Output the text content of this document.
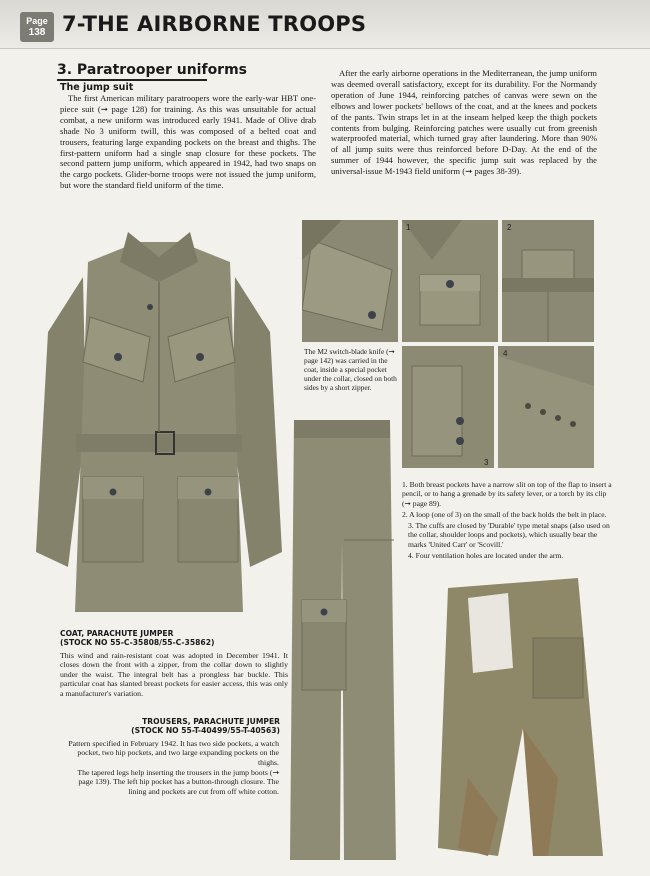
Page
138 7-THE AIRBORNE TROOPS
3. Paratrooper uniforms
The jump suit

The first American military paratroopers wore the early-war HBT one-piece suit (➞ page 128) for training. As this was unsuitable for actual combat, a new uniform was introduced early 1941. Made of Olive drab shade No 3 uniform twill, this was composed of a belted coat and trousers, featuring large expanding pockets on the breast and thighs. The first-pattern uniform had a single snap closure for these pockets. The second pattern jump uniform, which appeared in 1942, had two snaps on the cargo pockets. Glider-borne troops were not issued the jump uniform, but wore the standard field uniform of the time.

After the early airborne operations in the Mediterranean, the jump uniform was deemed overall satisfactory, except for its durability. For the Normandy operation of June 1944, reinforcing patches of canvas were sewn on the elbows and lower pockets' bellows of the coat, and at the knees and pockets of the pants. Twin straps let in at the inseam helped keep the thigh pockets contents from bulging. Reinforcing patches were usually cut from greenish waterproofed material, which turned gray after laundering. More than 90% of all jump suits were thus reinforced before D-Day. At the end of the summer of 1944 however, the specific jump suit was replaced by the universal-issue M-1943 field uniform (➞ pages 38-39).

1	2

The M2 switch-blade knife (➞ page 142) was carried in the coat, inside a special pocket under the collar, closed on both sides by a short zipper.

3
4
1. Both breast pockets have a narrow slit on top of the flap to insert a pencil, or to hang a grenade by its safety lever, or a torch by its clip (➞ page 89).
2. A loop (one of 3) on the small of the back holds the belt in place.
3. The cuffs are closed by 'Durable' type metal snaps (also used on the collar, shoulder loops and pockets), which usually bear the marks 'United Carr' or 'Scovill.'
4. Four ventilation holes are located under the arm.

COAT, PARACHUTE JUMPER

(STOCK NO 55-C-35808/55-C-35862)

This wind and rain-resistant coat was adopted in December 1941. It closes down the front with a zipper, from the collar down to slightly under the waist. The integral belt has a prongless bar buckle. This particular coat has slanted breast pockets for easier access, this was only a manufacturer's variation.

TROUSERS, PARACHUTE JUMPER

(STOCK NO 55-T-40499/55-T-40563)

Pattern specified in February 1942. It has two side pockets, a watch pocket, two hip pockets, and two large expanding pockets on the thighs.

The tapered legs help inserting the trousers in the jump boots (➞ page 139). The left hip pocket has a button-through closure. The lining and pockets are cut from off white cotton.
